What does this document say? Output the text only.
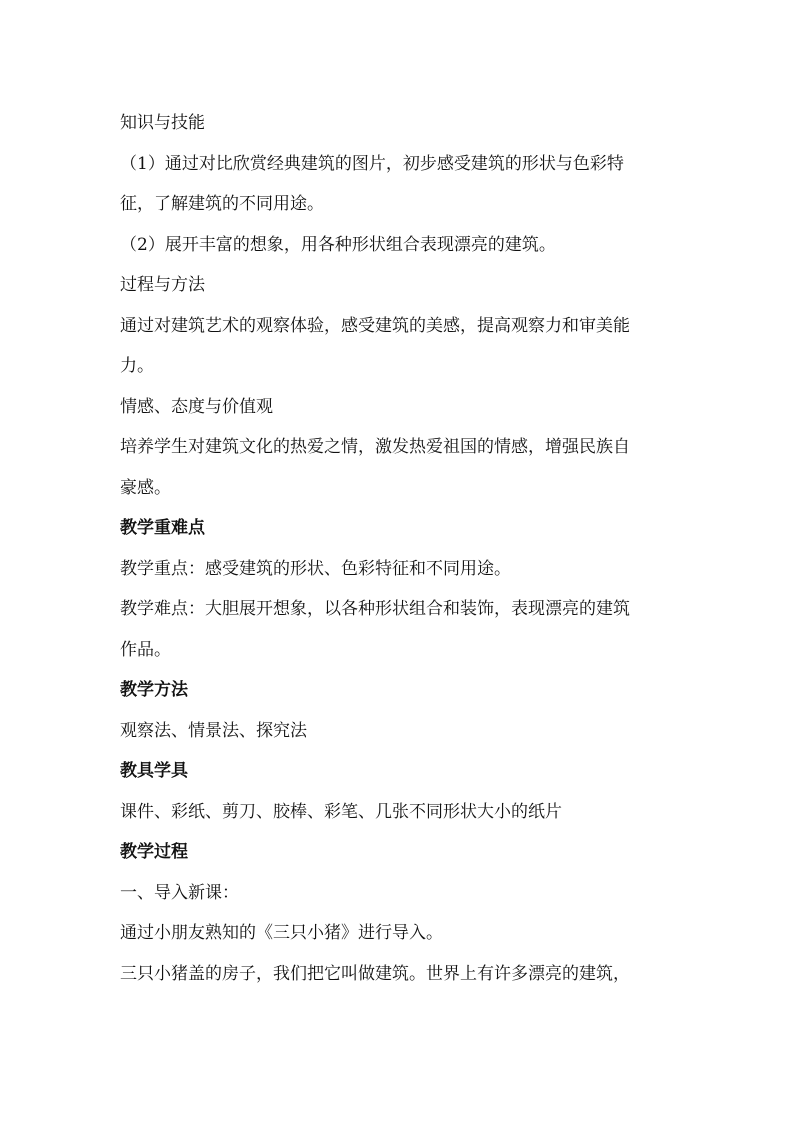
知识与技能
（1）通过对比欣赏经典建筑的图片，初步感受建筑的形状与色彩特
征，了解建筑的不同用途。
（2）展开丰富的想象，用各种形状组合表现漂亮的建筑。
过程与方法
通过对建筑艺术的观察体验，感受建筑的美感，提高观察力和审美能
力。
情感、态度与价值观
培养学生对建筑文化的热爱之情，激发热爱祖国的情感，增强民族自
豪感。
教学重难点
教学重点：感受建筑的形状、色彩特征和不同用途。
教学难点：大胆展开想象，以各种形状组合和装饰，表现漂亮的建筑
作品。
教学方法
观察法、情景法、探究法
教具学具
课件、彩纸、剪刀、胶棒、彩笔、几张不同形状大小的纸片
教学过程
一、导入新课：
通过小朋友熟知的《三只小猪》进行导入。
三只小猪盖的房子，我们把它叫做建筑。世界上有许多漂亮的建筑，
